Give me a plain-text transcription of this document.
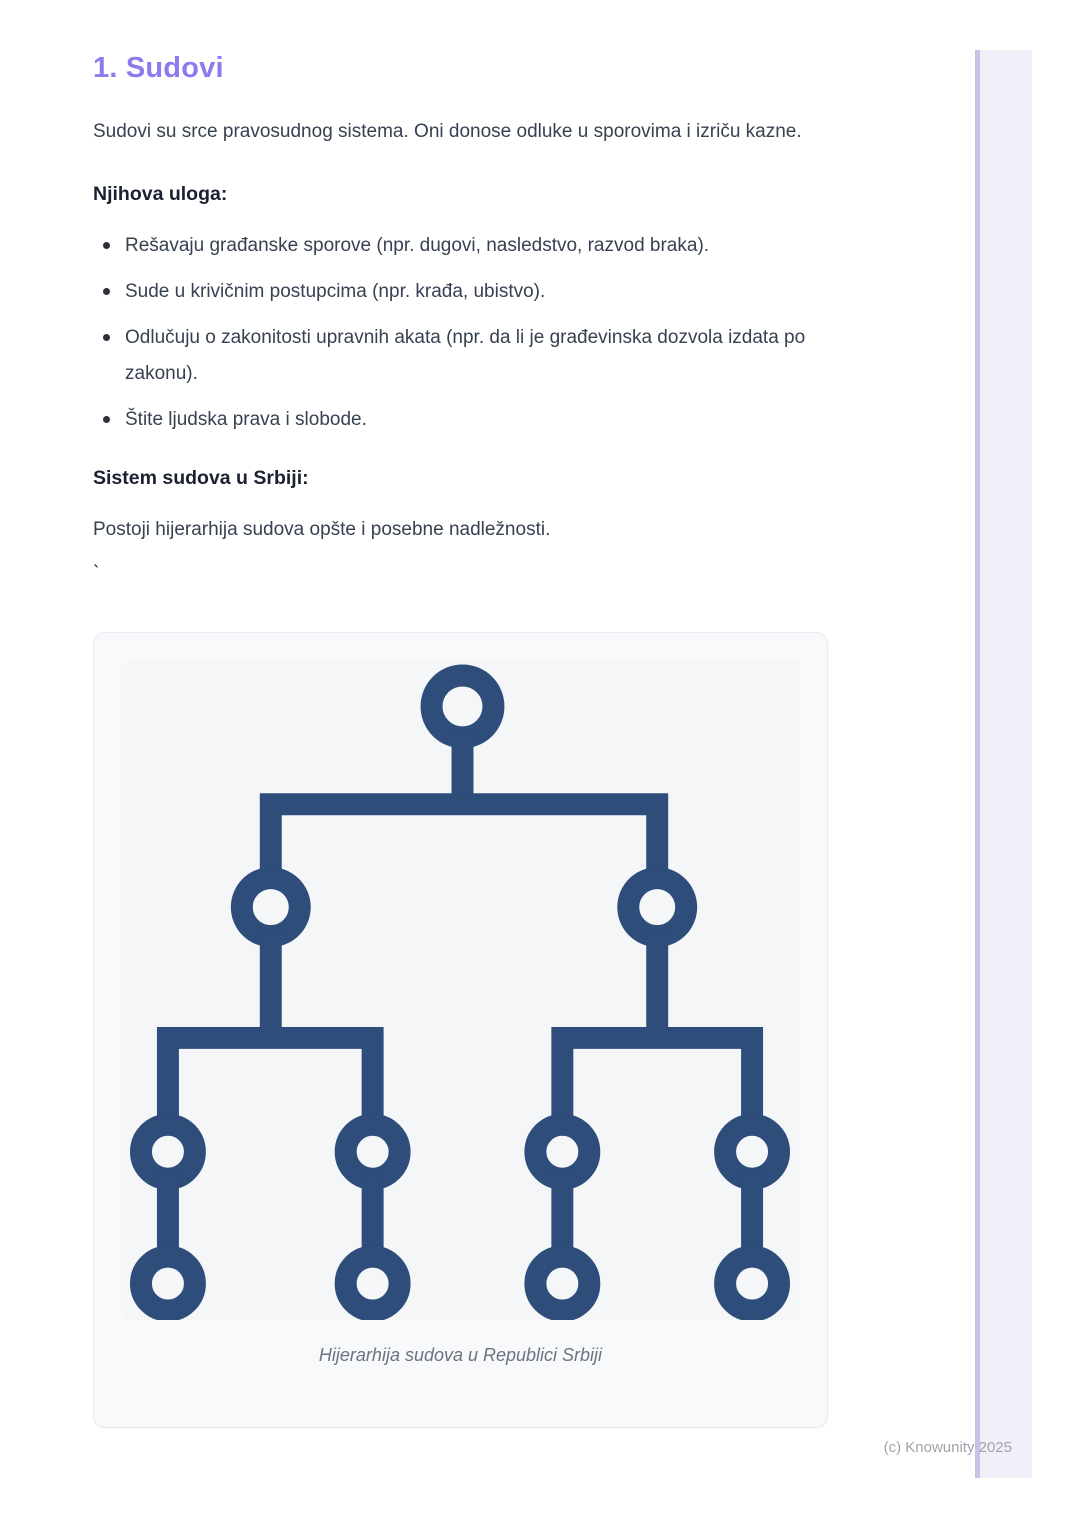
1. Sudovi

Sudovi su srce pravosudnog sistema. Oni donose odluke u sporovima i izriču kazne.

Njihova uloga:

Rešavaju građanske sporove (npr. dugovi, nasledstvo, razvod braka).
Sude u krivičnim postupcima (npr. krađa, ubistvo).
Odlučuju o zakonitosti upravnih akata (npr. da li je građevinska dozvola izdata po zakonu).
Štite ljudska prava i slobode.

Sistem sudova u Srbiji:

Postoji hijerarhija sudova opšte i posebne nadležnosti.

`
Hijerarhija sudova u Republici Srbiji
(c) Knowunity 2025
